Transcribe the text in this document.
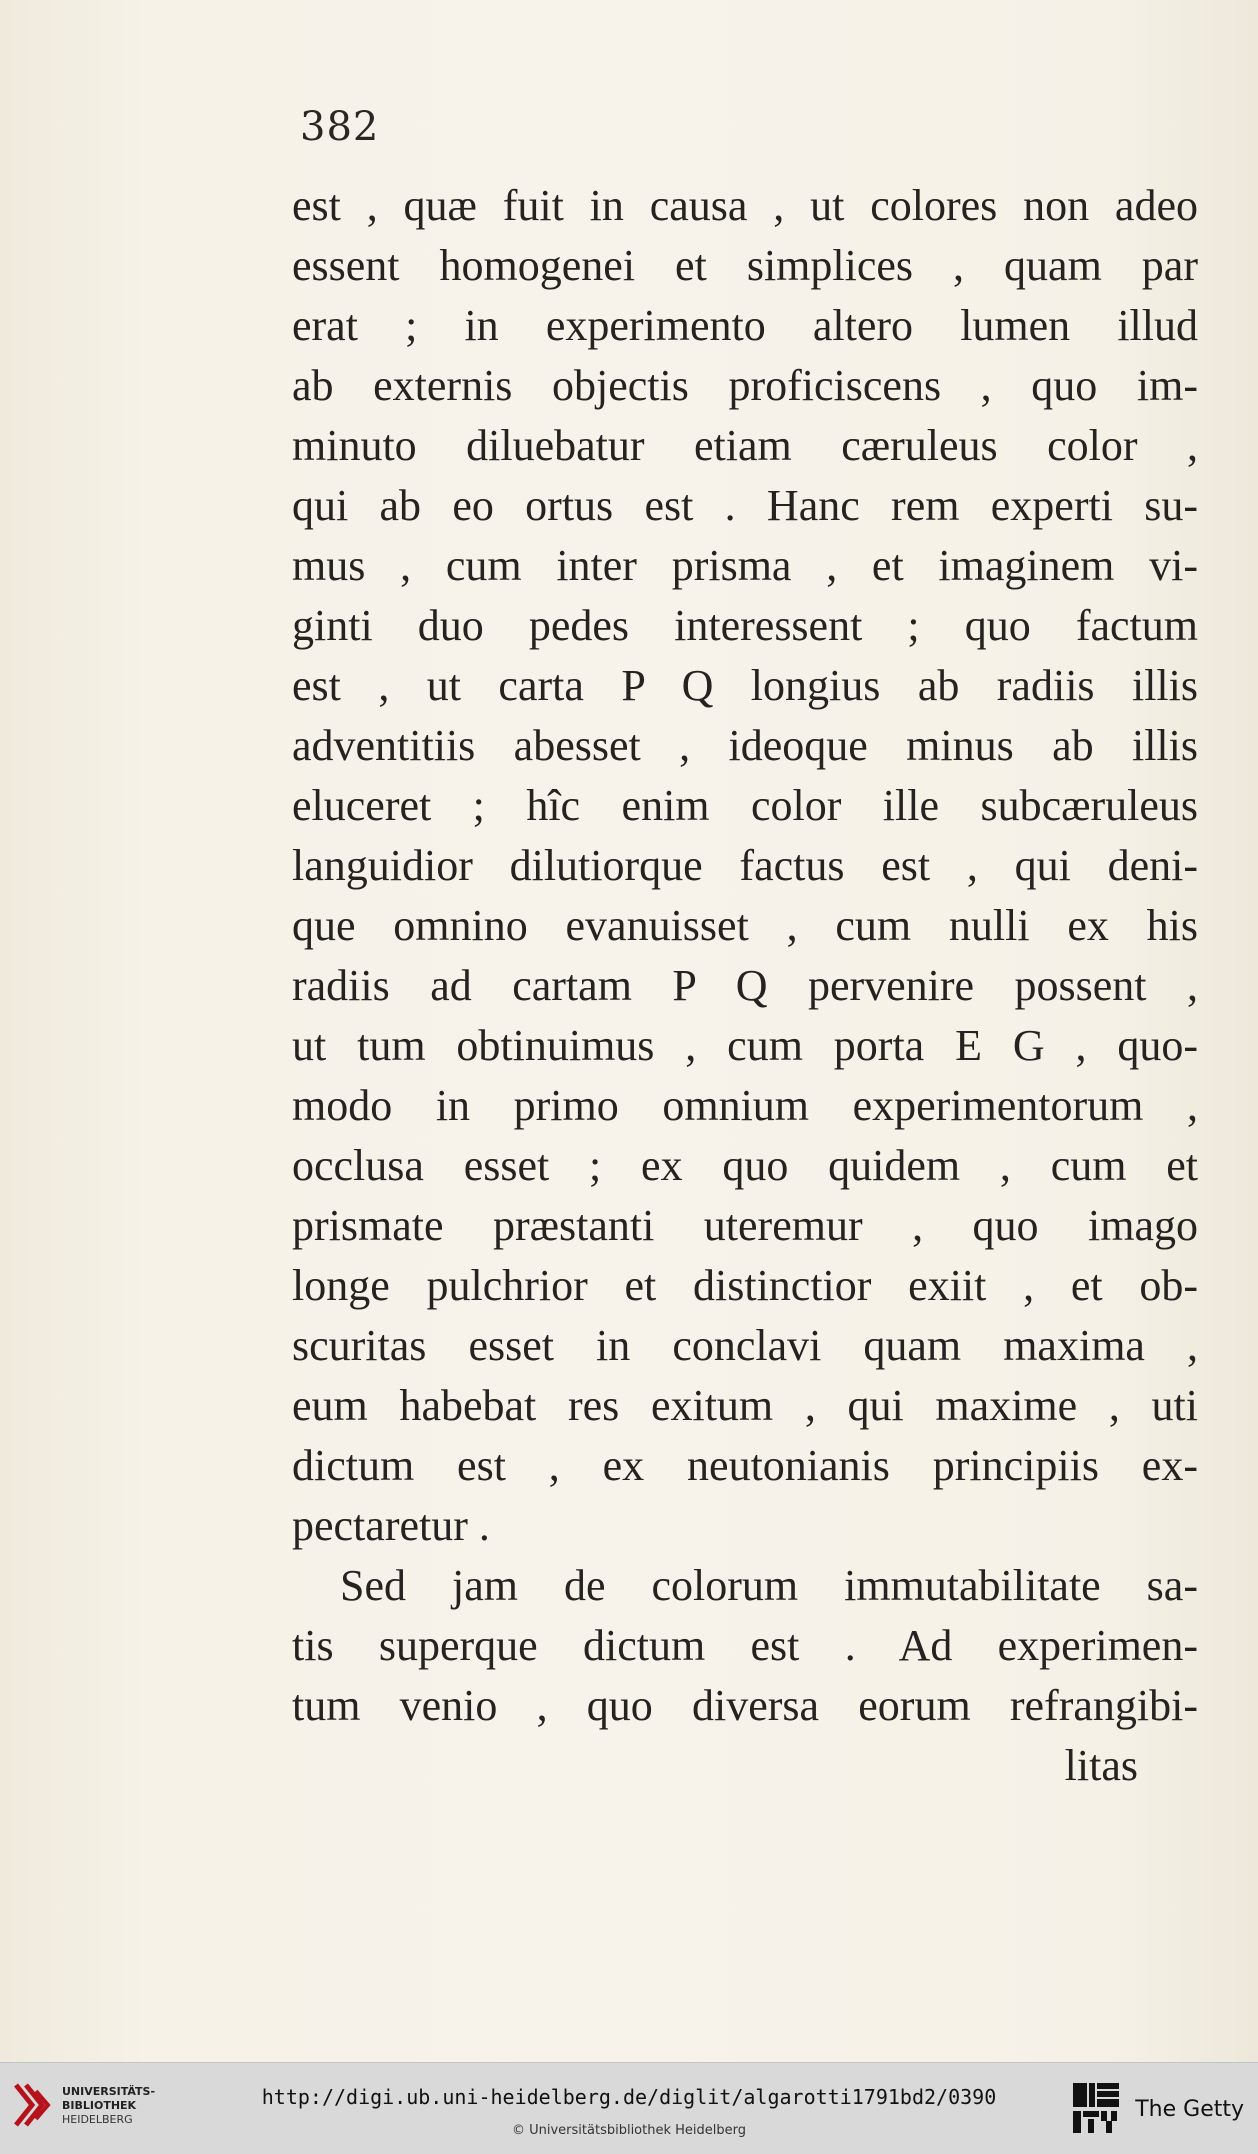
382
est , quæ fuit in causa , ut colores non adeo
essent homogenei et simplices , quam par
erat ; in experimento altero lumen illud
ab externis objectis proficiscens , quo im-
minuto diluebatur etiam cæruleus color ,
qui ab eo ortus est . Hanc rem experti su-
mus , cum inter prisma , et imaginem vi-
ginti duo pedes interessent ; quo factum
est , ut carta P Q longius ab radiis illis
adventitiis abesset , ideoque minus ab illis
eluceret ; hîc enim color ille subcæruleus
languidior dilutiorque factus est , qui deni-
que omnino evanuisset , cum nulli ex his
radiis ad cartam P Q pervenire possent ,
ut tum obtinuimus , cum porta E G , quo-
modo in primo omnium experimentorum ,
occlusa esset ; ex quo quidem , cum et
prismate præstanti uteremur , quo imago
longe pulchrior et distinctior exiit , et ob-
scuritas esset in conclavi quam maxima ,
eum habebat res exitum , qui maxime , uti
dictum est , ex neutonianis principiis ex-
pectaretur .
Sed jam de colorum immutabilitate sa-
tis superque dictum est . Ad experimen-
tum venio , quo diversa eorum refrangibi-
litas
UNIVERSITÄTS-
BIBLIOTHEK
HEIDELBERG
http://digi.ub.uni-heidelberg.de/diglit/algarotti1791bd2/0390
© Universitätsbibliothek Heidelberg
The Getty
